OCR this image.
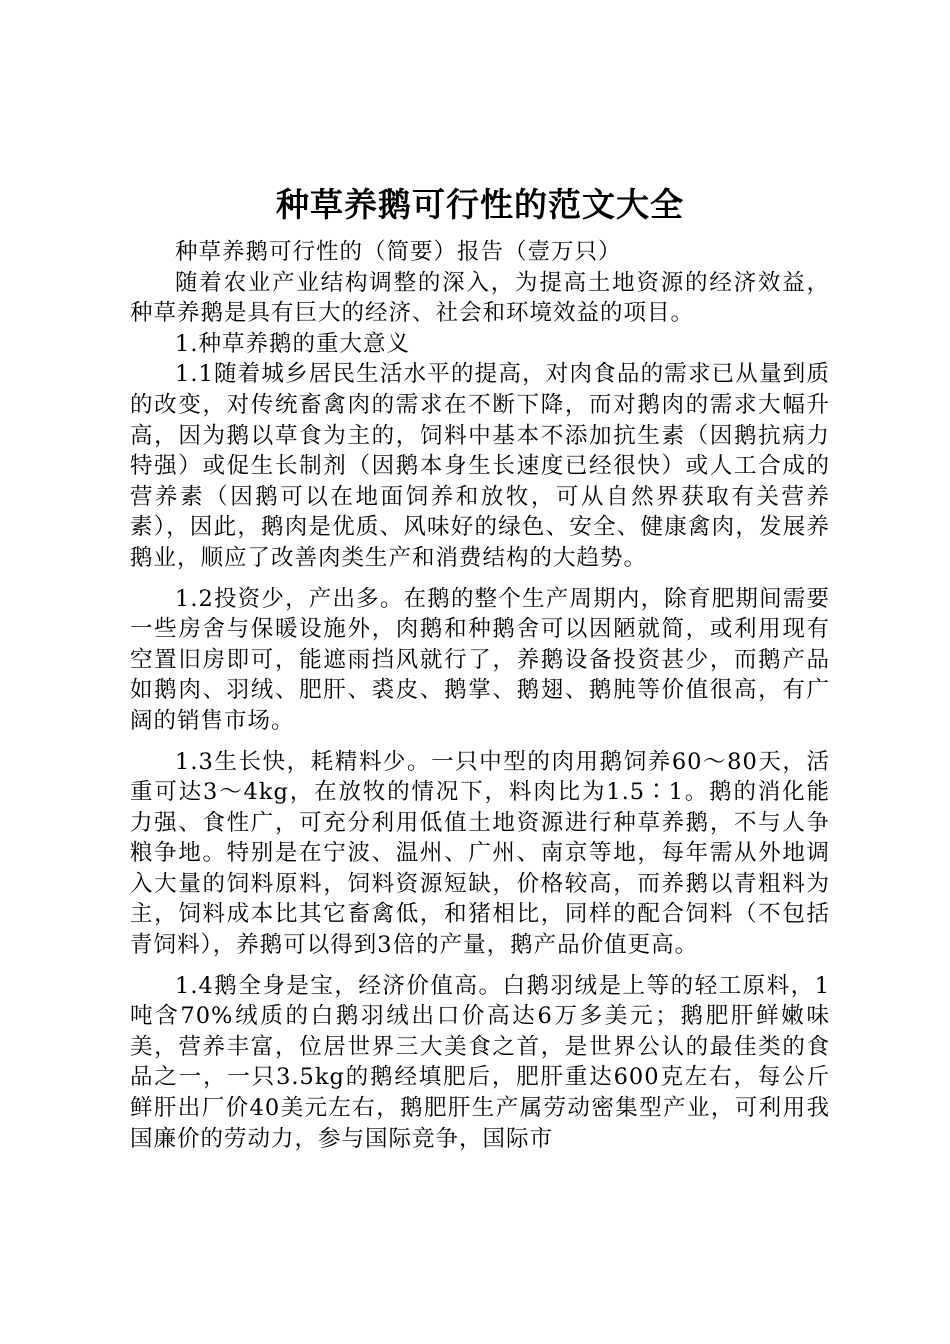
种草养鹅可行性的范文大全

种草养鹅可行性的（简要）报告（壹万只）

随着农业产业结构调整的深入，为提高土地资源的经济效益，种草养鹅是具有巨大的经济、社会和环境效益的项目。

1.种草养鹅的重大意义

1.1随着城乡居民生活水平的提高，对肉食品的需求已从量到质的改变，对传统畜禽肉的需求在不断下降，而对鹅肉的需求大幅升高，因为鹅以草食为主的，饲料中基本不添加抗生素（因鹅抗病力特强）或促生长制剂（因鹅本身生长速度已经很快）或人工合成的营养素（因鹅可以在地面饲养和放牧，可从自然界获取有关营养素），因此，鹅肉是优质、风味好的绿色、安全、健康禽肉，发展养鹅业，顺应了改善肉类生产和消费结构的大趋势。

1.2投资少，产出多。在鹅的整个生产周期内，除育肥期间需要一些房舍与保暖设施外，肉鹅和种鹅舍可以因陋就简，或利用现有空置旧房即可，能遮雨挡风就行了，养鹅设备投资甚少，而鹅产品如鹅肉、羽绒、肥肝、裘皮、鹅掌、鹅翅、鹅肫等价值很高，有广阔的销售市场。

1.3生长快，耗精料少。一只中型的肉用鹅饲养60～80天，活重可达3～4kg，在放牧的情况下，料肉比为1.5∶1。鹅的消化能力强、食性广，可充分利用低值土地资源进行种草养鹅，不与人争粮争地。特别是在宁波、温州、广州、南京等地，每年需从外地调入大量的饲料原料，饲料资源短缺，价格较高，而养鹅以青粗料为主，饲料成本比其它畜禽低，和猪相比，同样的配合饲料（不包括青饲料），养鹅可以得到3倍的产量，鹅产品价值更高。

1.4鹅全身是宝，经济价值高。白鹅羽绒是上等的轻工原料，1吨含70%绒质的白鹅羽绒出口价高达6万多美元；鹅肥肝鲜嫩味美，营养丰富，位居世界三大美食之首，是世界公认的最佳类的食品之一，一只3.5kg的鹅经填肥后，肥肝重达600克左右，每公斤鲜肝出厂价40美元左右，鹅肥肝生产属劳动密集型产业，可利用我国廉价的劳动力，参与国际竞争，国际市
